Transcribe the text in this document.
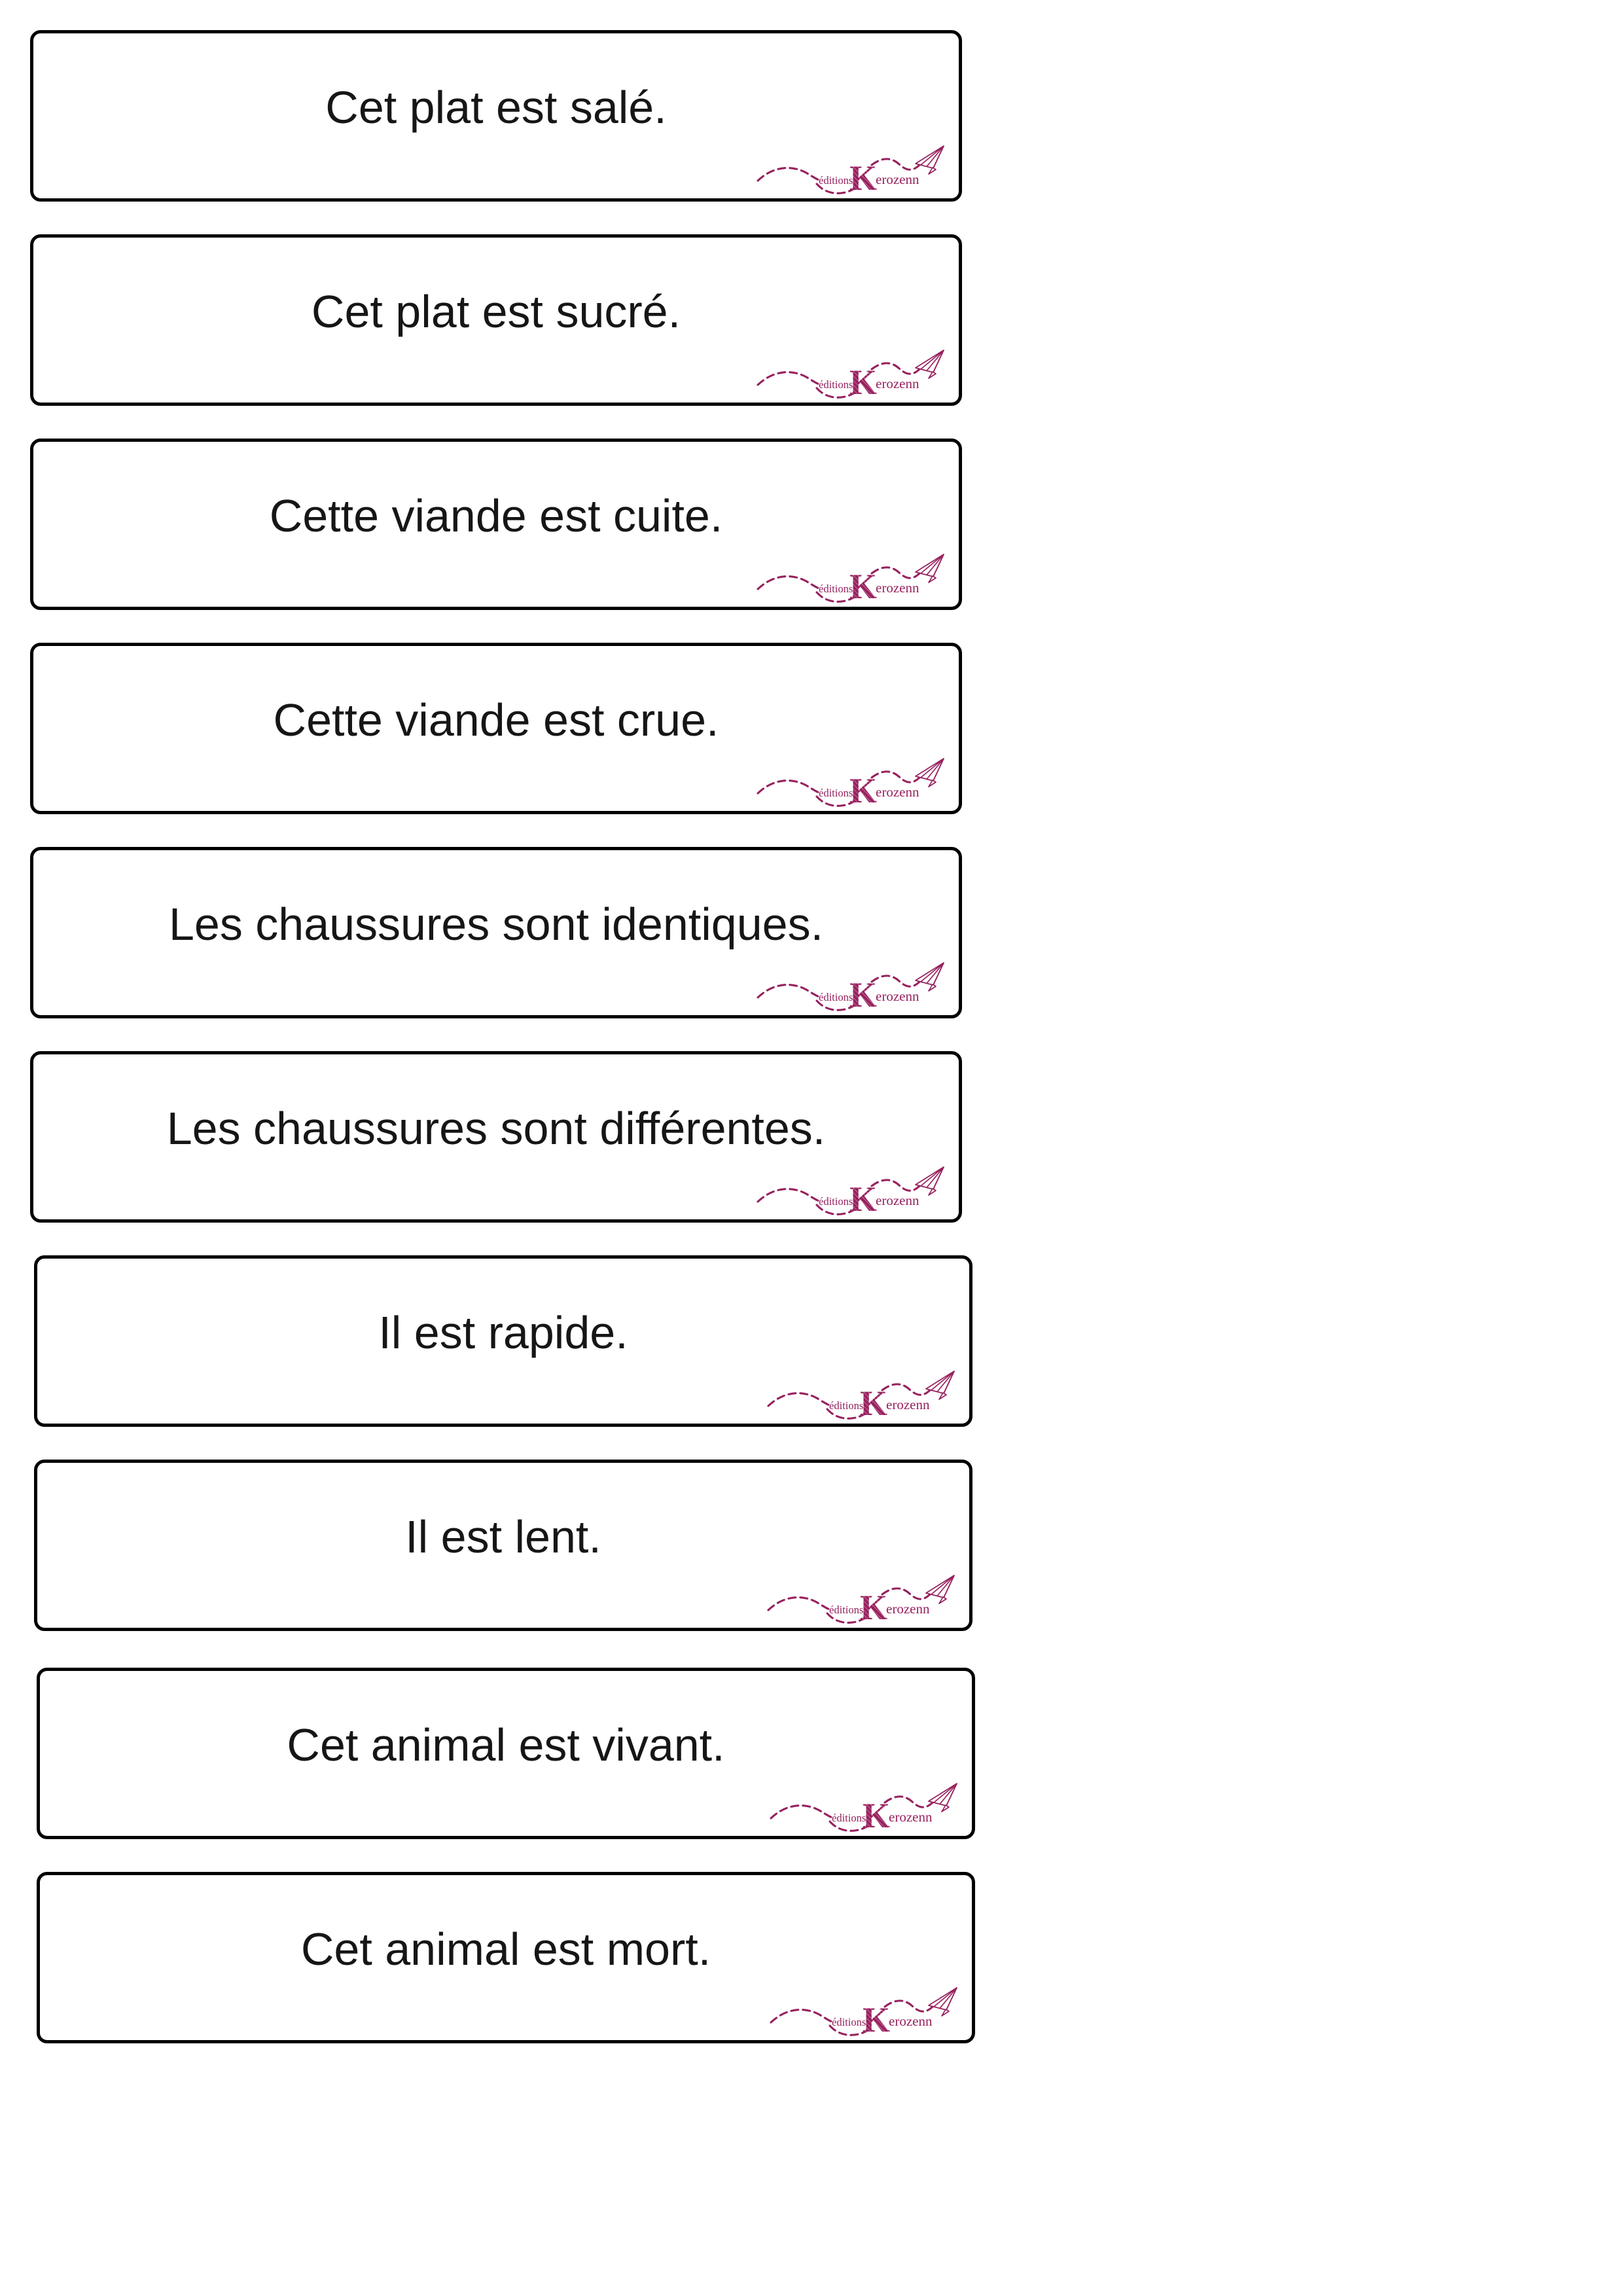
Cet plat est salé.
éditions
K
erozenn
Cet plat est sucré.
éditions
K
erozenn
Cette viande est cuite.
éditions
K
erozenn
Cette viande est crue.
éditions
K
erozenn
Les chaussures sont identiques.
éditions
K
erozenn
Les chaussures sont différentes.
éditions
K
erozenn
Il est rapide.
éditions
K
erozenn
Il est lent.
éditions
K
erozenn
Cet animal est vivant.
éditions
K
erozenn
Cet animal est mort.
éditions
K
erozenn
